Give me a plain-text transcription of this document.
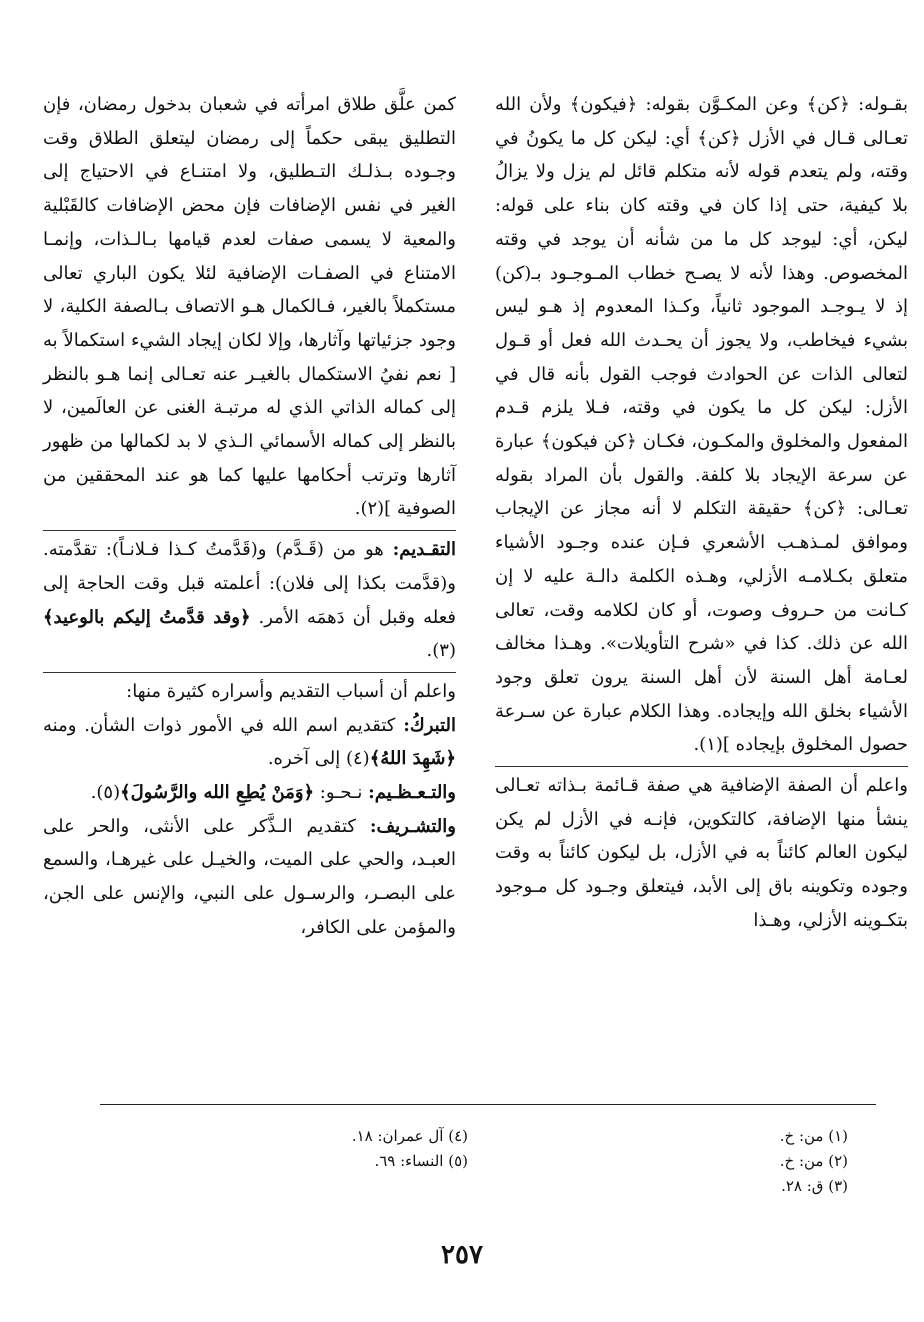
بقـوله: ﴿كن﴾ وعن المكـوَّن بقوله: ﴿فيكون﴾ ولأن الله تعـالى قـال في الأزل ﴿كن﴾ أي: ليكن كل ما يكونُ في وقته، ولم يتعدم قوله لأنه متكلم قائل لم يزل ولا يزالُ بلا كيفية، حتى إذا كان في وقته كان بناء على قوله: ليكن، أي: ليوجد كل ما من شأنه أن يوجد في وقته المخصوص. وهذا لأنه لا يصـح خطاب المـوجـود بـ(كن) إذ لا يـوجـد الموجود ثانياً، وكـذا المعدوم إذ هـو ليس بشيء فيخاطب، ولا يجوز أن يحـدث الله فعل أو قـول لتعالى الذات عن الحوادث فوجب القول بأنه قال في الأزل: ليكن كل ما يكون في وقته، فـلا يلزم قـدم المفعول والمخلوق والمكـون، فكـان ﴿كن فيكون﴾ عبارة عن سرعة الإيجاد بلا كلفة. والقول بأن المراد بقوله تعـالى: ﴿كن﴾ حقيقة التكلم لا أنه مجاز عن الإيجاب وموافق لمـذهـب الأشعري فـإن عنده وجـود الأشياء متعلق بكـلامـه الأزلي، وهـذه الكلمة دالـة عليه لا إن كـانت من حـروف وصوت، أو كان لكلامه وقت، تعالى الله عن ذلك. كذا في «شرح التأويلات». وهـذا مخالف لعـامة أهل السنة لأن أهل السنة يرون تعلق وجود الأشياء بخلق الله وإيجاده. وهذا الكلام عبارة عن سـرعة حصول المخلوق بإيجاده ](١).

واعلم أن الصفة الإضافية هي صفة قـائمة بـذاته تعـالى ينشأ منها الإضافة، كالتكوين، فإنـه في الأزل لم يكن ليكون العالم كائناً به في الأزل، بل ليكون كائناً به وقت وجوده وتكوينه باق إلى الأبد، فيتعلق وجـود كل مـوجود بتكـوينه الأزلي، وهـذا

كمن علَّق طلاق امرأته في شعبان بدخول رمضان، فإن التطليق يبقى حكماً إلى رمضان ليتعلق الطلاق وقت وجـوده بـذلـك التـطليق، ولا امتنـاع في الاحتياج إلى الغير في نفس الإضافات فإن محض الإضافات كالقَبْلية والمعية لا يسمى صفات لعدم قيامها بـالـذات، وإنمـا الامتناع في الصفـات الإضافية لئلا يكون الباري تعالى مستكملاً بالغير، فـالكمال هـو الاتصاف بـالصفة الكلية، لا وجود جزئياتها وآثارها، وإلا لكان إيجاد الشيء استكمالاً به [ نعم نفيُ الاستكمال بالغيـر عنه تعـالى إنما هـو بالنظر إلى كماله الذاتي الذي له مرتبـة الغنى عن العالَمين، لا بالنظر إلى كماله الأسمائي الـذي لا بد لكمالها من ظهور آثارها وترتب أحكامها عليها كما هو عند المحققين من الصوفية ](٢).

التقـديم: هو من (قَـدَّم) و(قَدَّمتُ كـذا فـلانـاً): تقدَّمته. و(قدَّمت بكذا إلى فلان): أعلمته قبل وقت الحاجة إلى فعله وقبل أن دَهمَه الأمر. ﴿وقد قدَّمتُ إليكم بالوعيد﴾ (٣).

واعلم أن أسباب التقديم وأسراره كثيرة منها:

التبركُ: كتقديم اسم الله في الأمور ذوات الشأن. ومنه ﴿شَهِدَ اللهُ﴾(٤) إلى آخره.

والتـعـظـيم: نـحـو: ﴿وَمَنْ يُطِعِ الله والرَّسُولَ﴾(٥).

والتشـريف: كتقديم الـذَّكر على الأنثى، والحر على العبـد، والحي على الميت، والخيـل على غيرهـا، والسمع على البصـر، والرسـول على النبي، والإنس على الجن، والمؤمن على الكافر،

(١) من: خ.
(٢) من: خ.
(٣) ق: ٢٨.
(٤) آل عمران: ١٨.
(٥) النساء: ٦٩.
٢٥٧
